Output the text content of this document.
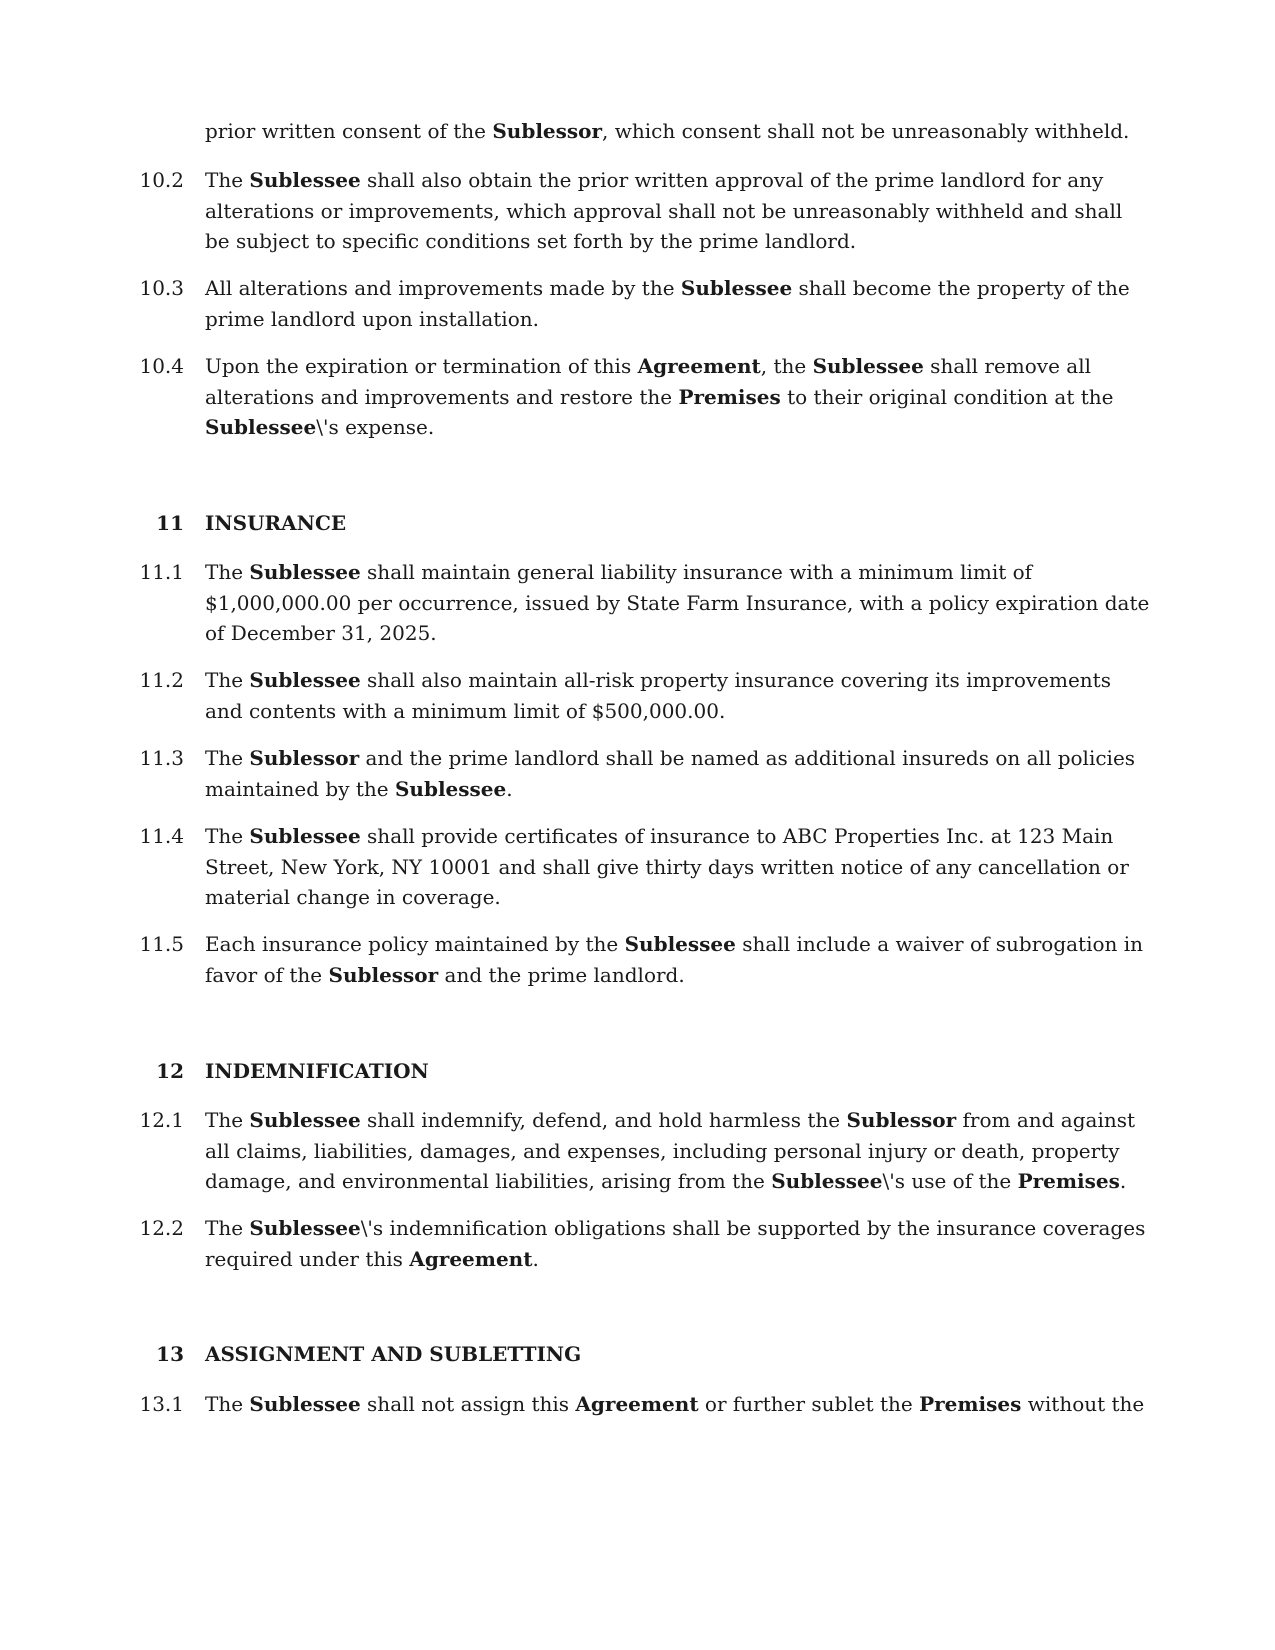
prior written consent of the Sublessor, which consent shall not be unreasonably withheld.
10.2 The Sublessee shall also obtain the prior written approval of the prime landlord for any alterations or improvements, which approval shall not be unreasonably withheld and shall be subject to specific conditions set forth by the prime landlord.
10.3 All alterations and improvements made by the Sublessee shall become the property of the prime landlord upon installation.
10.4 Upon the expiration or termination of this Agreement, the Sublessee shall remove all alterations and improvements and restore the Premises to their original condition at the Sublessee\'s expense.
11 INSURANCE
11.1 The Sublessee shall maintain general liability insurance with a minimum limit of $1,000,000.00 per occurrence, issued by State Farm Insurance, with a policy expiration date of December 31, 2025.
11.2 The Sublessee shall also maintain all-risk property insurance covering its improvements and contents with a minimum limit of $500,000.00.
11.3 The Sublessor and the prime landlord shall be named as additional insureds on all policies maintained by the Sublessee.
11.4 The Sublessee shall provide certificates of insurance to ABC Properties Inc. at 123 Main Street, New York, NY 10001 and shall give thirty days written notice of any cancellation or material change in coverage.
11.5 Each insurance policy maintained by the Sublessee shall include a waiver of subrogation in favor of the Sublessor and the prime landlord.
12 INDEMNIFICATION
12.1 The Sublessee shall indemnify, defend, and hold harmless the Sublessor from and against all claims, liabilities, damages, and expenses, including personal injury or death, property damage, and environmental liabilities, arising from the Sublessee\'s use of the Premises.
12.2 The Sublessee\'s indemnification obligations shall be supported by the insurance coverages required under this Agreement.
13 ASSIGNMENT AND SUBLETTING
13.1 The Sublessee shall not assign this Agreement or further sublet the Premises without the
